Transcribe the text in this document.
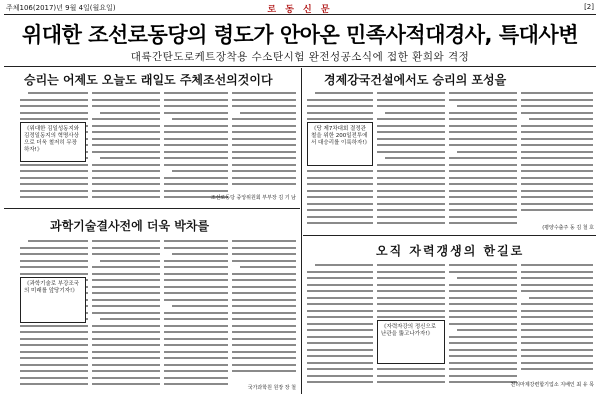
주체106(2017)년 9월 4일(월요일)	로 동 신 문	[2]
위대한 조선로동당의 령도가 안아온 민족사적대경사, 특대사변
대륙간탄도로케트장착용 수소탄시험 완전성공소식에 접한 환희와 격정
승리는 어제도 오늘도 래일도 주체조선의것이다
《위대한 김일성동지와 김정일동지의 혁명사상으로 더욱 철저히 무장하자!》
조선로동당 중앙위원회 부부장 김 기 남
경제강국건설에서도 승리의 포성을
《당 제7차대회 결정관철을 위한 200일전투에서 대승리를 이룩하자!》
(평양수출주 동 김 철 호
과학기술결사전에 더욱 박차를
《과학기술로 부강조국의 미래를 앞당기자!》
국가과학원 원장 장 철
오직 자력갱생의 한길로
《자력자강의 정신으로 난관을 뚫고나가자!》
천리마제강련합기업소 지배인 최 유 목
